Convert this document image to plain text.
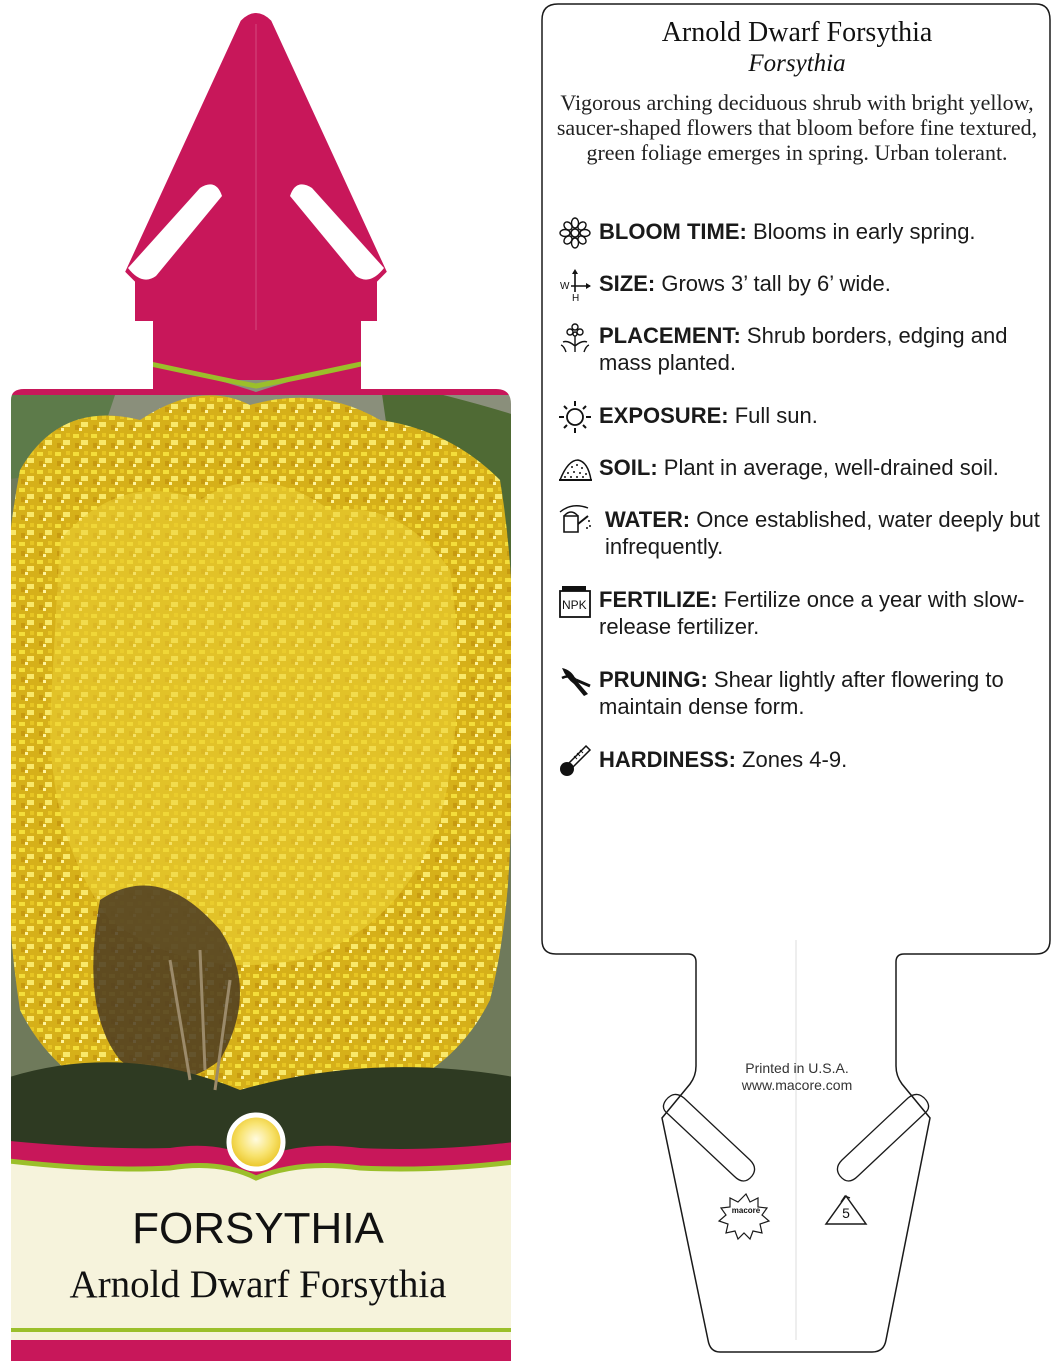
FORSYTHIA
Arnold Dwarf Forsythia
Arnold Dwarf Forsythia
Forsythia
Vigorous arching deciduous shrub with bright yellow, saucer-shaped flowers that bloom before fine textured, green foliage emerges in spring. Urban tolerant.
BLOOM TIME: Blooms in early spring.
W
H
SIZE: Grows 3’ tall by 6’ wide.
PLACEMENT: Shrub borders, edging and mass planted.
EXPOSURE: Full sun.
SOIL: Plant in average, well-drained soil.
WATER: Once established, water deeply but infrequently.
NPK FERTILIZE: Fertilize once a year with slow-release fertilizer.
PRUNING: Shear lightly after flowering to maintain dense form.
HARDINESS: Zones 4-9.
Printed in U.S.A.
www.macore.com
macore	5
